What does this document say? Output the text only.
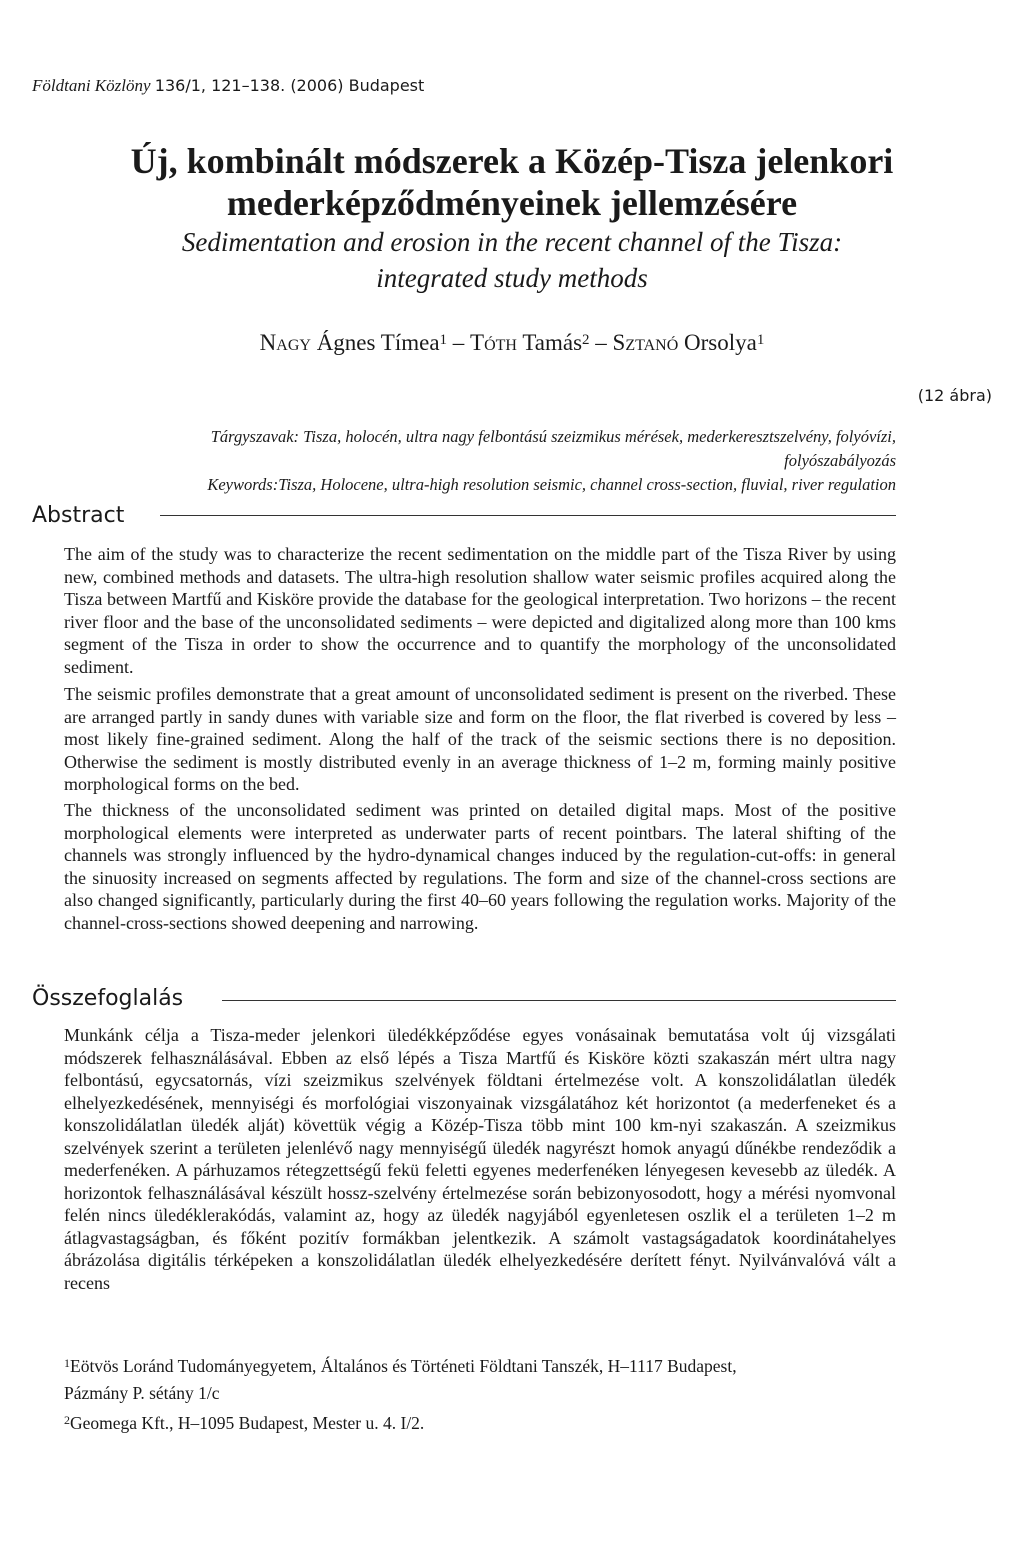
Földtani Közlöny 136/1, 121–138. (2006) Budapest
Új, kombinált módszerek a Közép-Tisza jelenkori
mederképződményeinek jellemzésére
Sedimentation and erosion in the recent channel of the Tisza:
integrated study methods
Nagy Ágnes Tímea$^1$ – Tóth Tamás$^2$ – Sztanó Orsolya$^1$
(12 ábra)
Tárgyszavak: Tisza, holocén, ultra nagy felbontású szeizmikus mérések, mederkeresztszelvény, folyóvízi,
folyószabályozás
Keywords:Tisza, Holocene, ultra-high resolution seismic, channel cross-section, fluvial, river regulation
Abstract

The aim of the study was to characterize the recent sedimentation on the middle part of the Tisza River by using new, combined methods and datasets. The ultra-high resolution shallow water seismic profiles acquired along the Tisza between Martfű and Kisköre provide the database for the geological interpretation. Two horizons – the recent river floor and the base of the unconsolidated sediments – were depicted and digitalized along more than 100 kms segment of the Tisza in order to show the occurrence and to quantify the morphology of the unconsolidated sediment.

The seismic profiles demonstrate that a great amount of unconsolidated sediment is present on the riverbed. These are arranged partly in sandy dunes with variable size and form on the floor, the flat riverbed is covered by less – most likely fine-grained sediment. Along the half of the track of the seismic sections there is no deposition. Otherwise the sediment is mostly distributed evenly in an average thickness of 1–2 m, forming mainly positive morphological forms on the bed.

The thickness of the unconsolidated sediment was printed on detailed digital maps. Most of the positive morphological elements were interpreted as underwater parts of recent pointbars. The lateral shifting of the channels was strongly influenced by the hydro-dynamical changes induced by the regulation-cut-offs: in general the sinuosity increased on segments affected by regulations. The form and size of the channel-cross sections are also changed significantly, particularly during the first 40–60 years following the regulation works. Majority of the channel-cross-sections showed deepening and narrowing.

Összefoglalás

Munkánk célja a Tisza-meder jelenkori üledékképződése egyes vonásainak bemutatása volt új vizsgálati módszerek felhasználásával. Ebben az első lépés a Tisza Martfű és Kisköre közti szakaszán mért ultra nagy felbontású, egycsatornás, vízi szeizmikus szelvények földtani értelmezése volt. A konszolidálatlan üledék elhelyezkedésének, mennyiségi és morfológiai viszonyainak vizsgálatához két horizontot (a mederfeneket és a konszolidálatlan üledék alját) követtük végig a Közép-Tisza több mint 100 km-nyi szakaszán. A szeizmikus szelvények szerint a területen jelenlévő nagy mennyiségű üledék nagyrészt homok anyagú dűnékbe rendeződik a mederfenéken. A párhuzamos rétegzettségű fekü feletti egyenes mederfenéken lényegesen kevesebb az üledék. A horizontok felhasználásával készült hossz-szelvény értelmezése során bebizonyosodott, hogy a mérési nyomvonal felén nincs üledéklerakódás, valamint az, hogy az üledék nagyjából egyenletesen oszlik el a területen 1–2 m átlagvastagságban, és főként pozitív formákban jelentkezik. A számolt vastagságadatok koordinátahelyes ábrázolása digitális térképeken a konszolidálatlan üledék elhelyezkedésére derített fényt. Nyilvánvalóvá vált a recens

$^1$Eötvös Loránd Tudományegyetem, Általános és Történeti Földtani Tanszék, H–1117 Budapest,
Pázmány P. sétány 1/c
$^2$Geomega Kft., H–1095 Budapest, Mester u. 4. I/2.
